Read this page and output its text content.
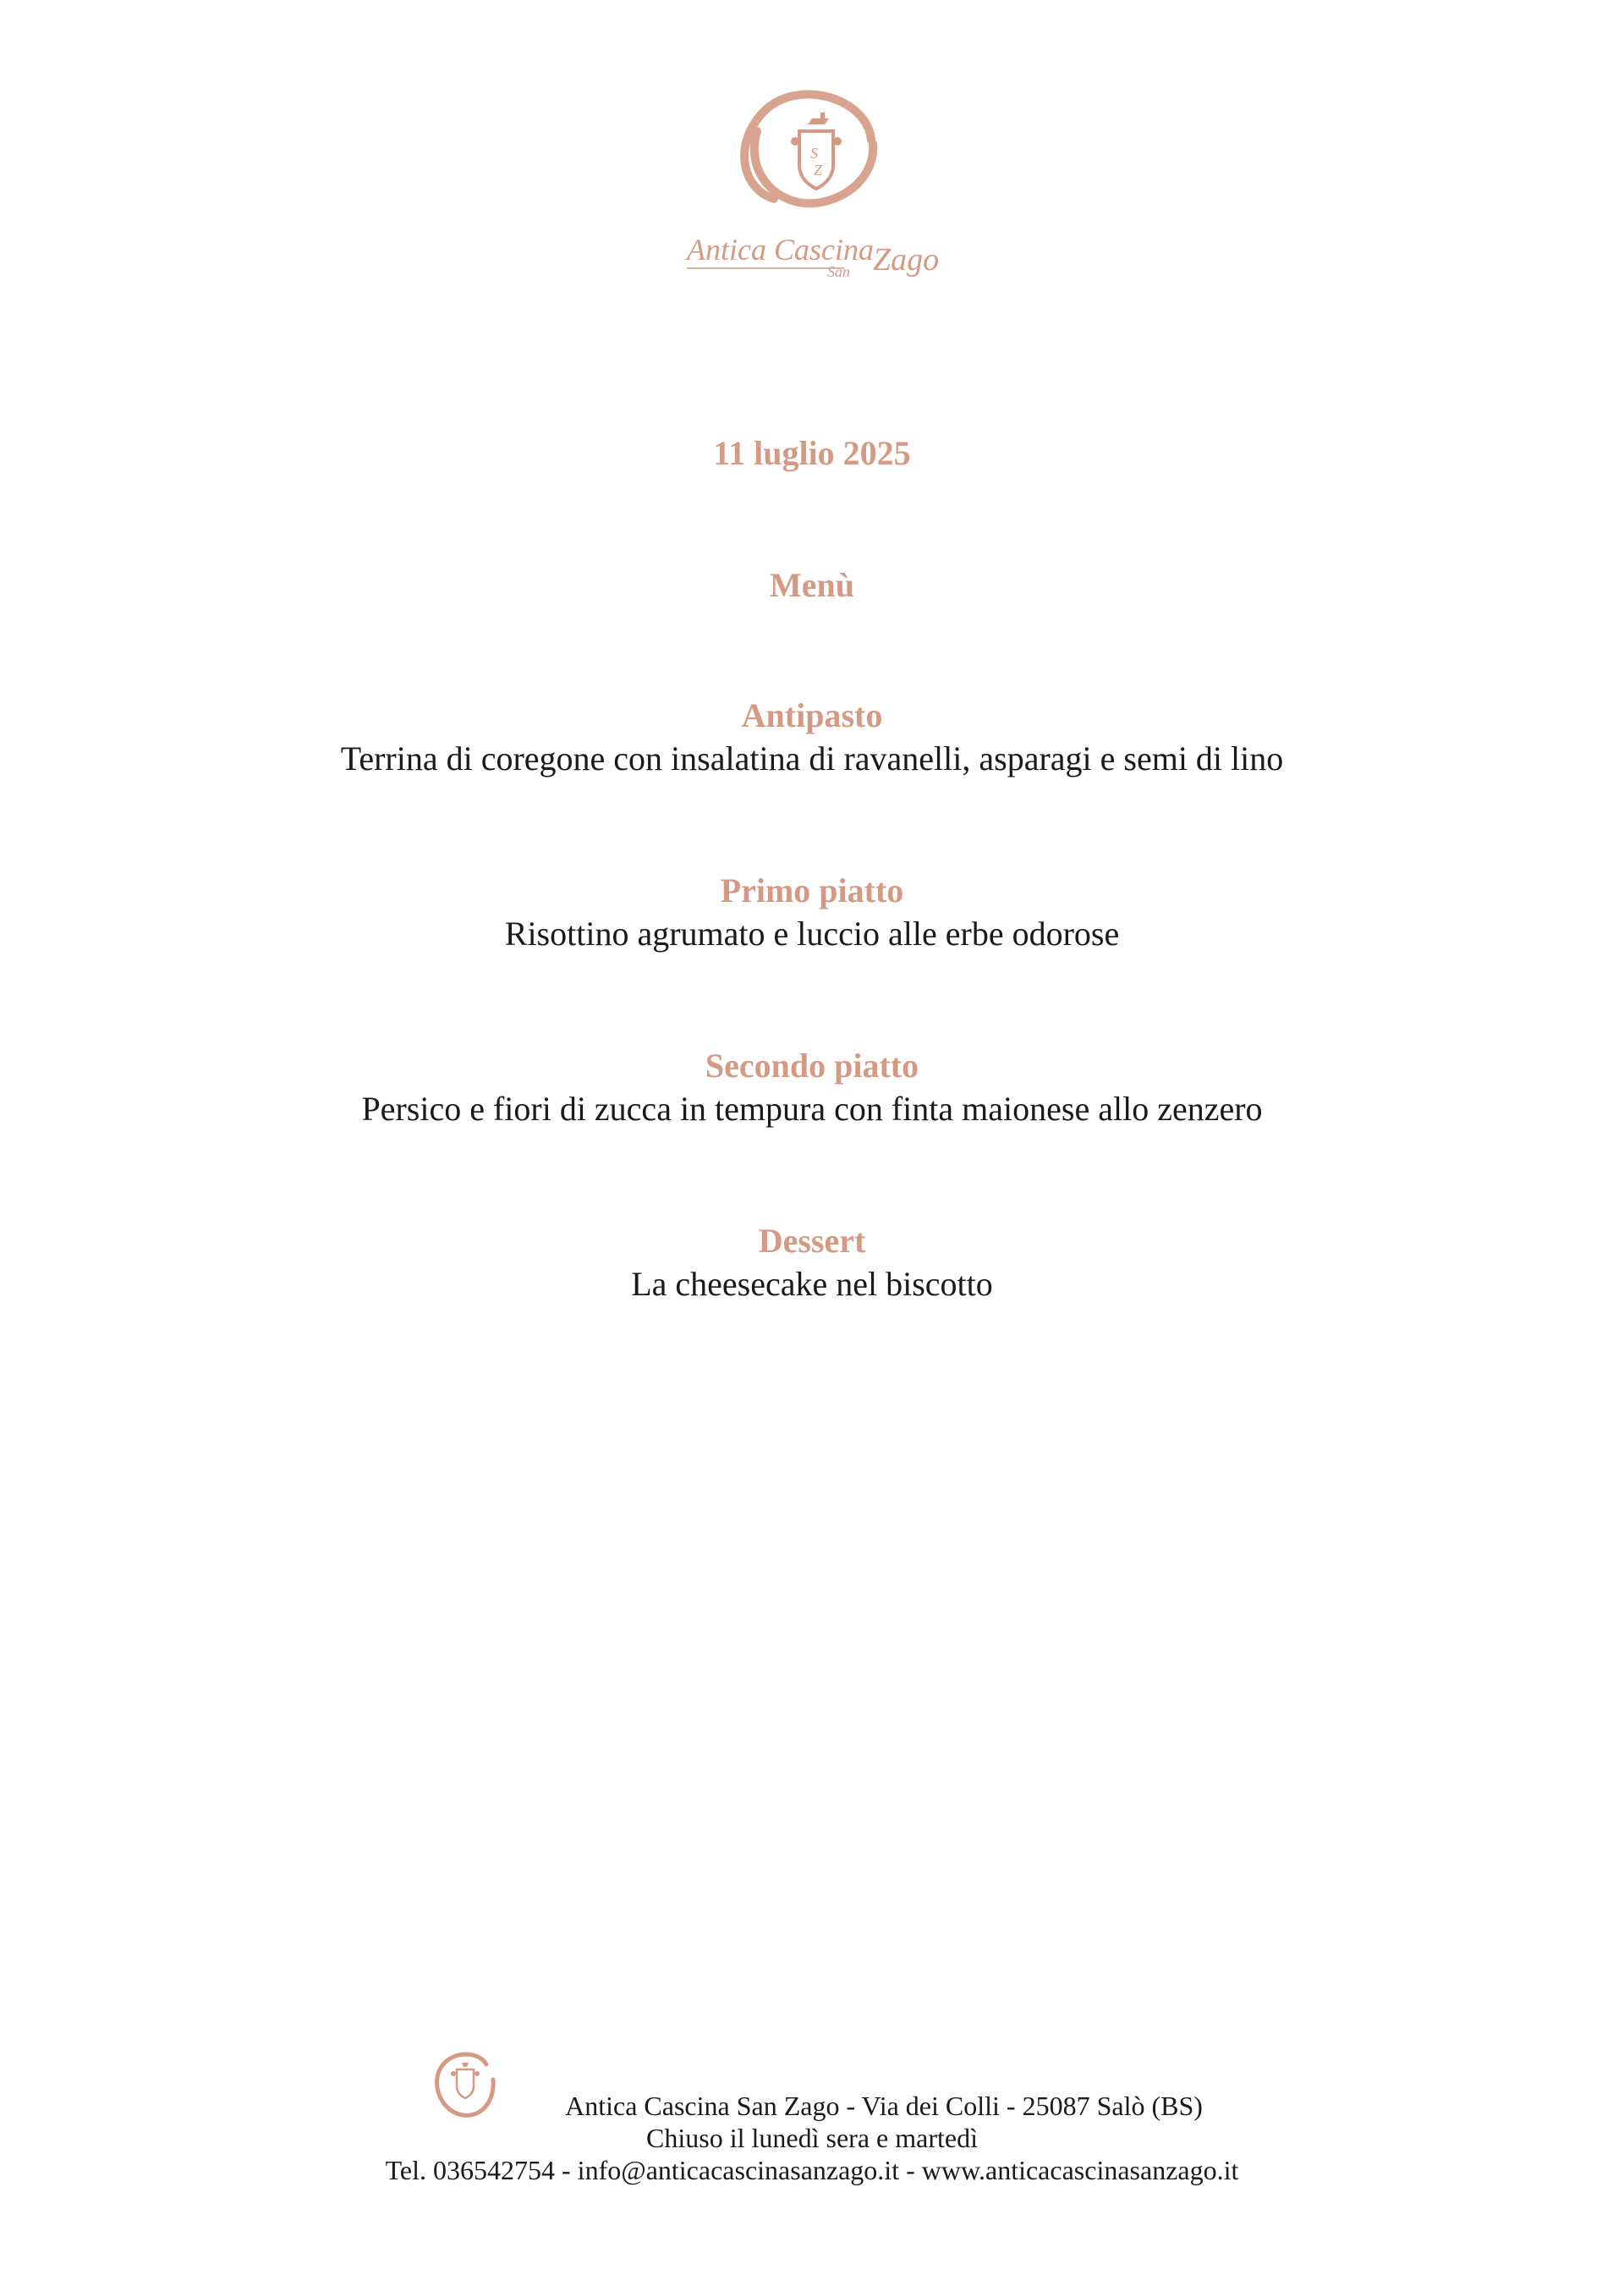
S
Z
Antica Cascina
San Zago
11 luglio 2025
Menù
Antipasto
Terrina di coregone con insalatina di ravanelli, asparagi e semi di lino
Primo piatto
Risottino agrumato e luccio alle erbe odorose
Secondo piatto
Persico e fiori di zucca in tempura con finta maionese allo zenzero
Dessert
La cheesecake nel biscotto
Antica Cascina San Zago - Via dei Colli - 25087 Salò (BS)
Chiuso il lunedì sera e martedì
Tel. 036542754 - info@anticacascinasanzago.it - www.anticacascinasanzago.it
